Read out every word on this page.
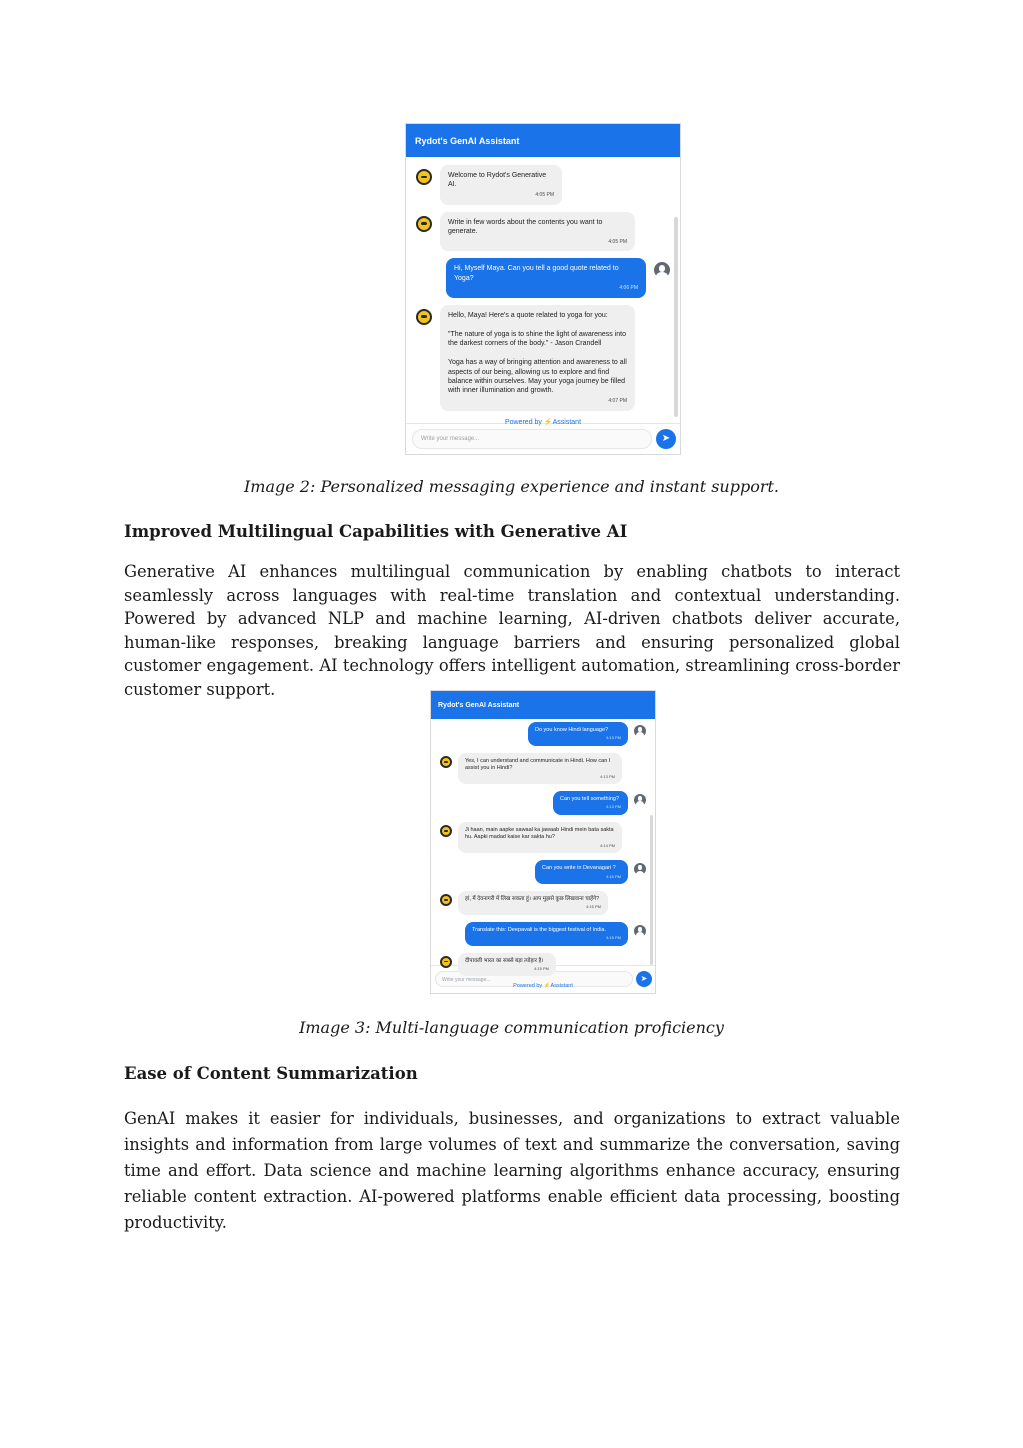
Rydot's GenAI Assistant
Welcome to Rydot's Generative AI.
4:05 PM
Write in few words about the contents you want to generate.
4:05 PM
Hi, Myself Maya. Can you tell a good quote related to Yoga?
4:06 PM
Hello, Maya! Here's a quote related to yoga for you:

"The nature of yoga is to shine the light of awareness into the darkest corners of the body." - Jason Crandell

Yoga has a way of bringing attention and awareness to all aspects of our being, allowing us to explore and find balance within ourselves. May your yoga journey be filled with inner illumination and growth.
4:07 PM
Powered by ⚡Assistant
Write your message...	➤
Image 2: Personalized messaging experience and instant support.
Improved Multilingual Capabilities with Generative AI
Generative AI enhances multilingual communication by enabling chatbots to interact seamlessly across languages with real-time translation and contextual understanding. Powered by advanced NLP and machine learning, AI-driven chatbots deliver accurate, human-like responses, breaking language barriers and ensuring personalized global customer engagement. AI technology offers intelligent automation, streamlining cross-border customer support.
Rydot's GenAI Assistant
Do you know Hindi language?
4:13 PM
Yes, I can understand and communicate in Hindi. How can I assist you in Hindi?
4:13 PM
Can you tell something?
4:13 PM
Ji haan, main aapke sawaal ka jawaab Hindi mein bata sakta hu. Aapki madad kaise kar sakta hu?
4:14 PM
Can you write in Devanagari ?
4:15 PM
हां, मैं देवनागरी में लिख सकता हूं। आप मुझसे कुछ लिखवाना चाहेंगे?
4:15 PM
Translate this: Deepavali is the biggest festival of India.
4:15 PM
दीपावली भारत का सबसे बड़ा त्योहार है।
4:15 PM
Powered by ⚡Assistant
Write your message...	➤
Image 3: Multi-language communication proficiency
Ease of Content Summarization
GenAI makes it easier for individuals, businesses, and organizations to extract valuable insights and information from large volumes of text and summarize the conversation, saving time and effort. Data science and machine learning algorithms enhance accuracy, ensuring reliable content extraction. AI-powered platforms enable efficient data processing, boosting productivity.
